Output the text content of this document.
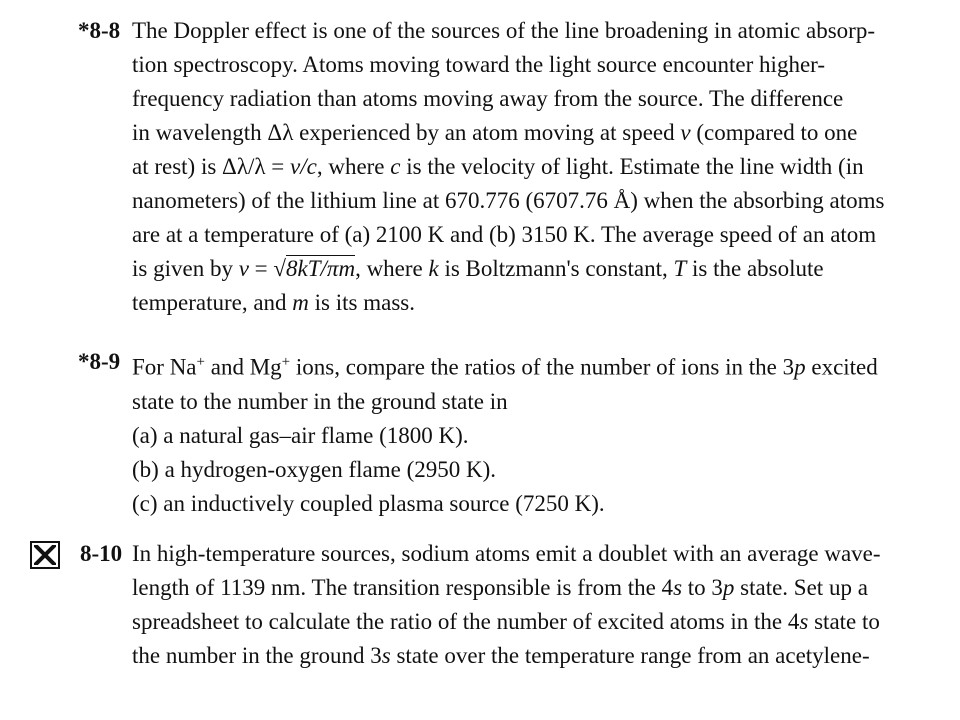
*8-8 The Doppler effect is one of the sources of the line broadening in atomic absorp-
tion spectroscopy. Atoms moving toward the light source encounter higher-
frequency radiation than atoms moving away from the source. The difference
in wavelength Δλ experienced by an atom moving at speed v (compared to one
at rest) is Δλ/λ = v/c, where c is the velocity of light. Estimate the line width (in
nanometers) of the lithium line at 670.776 (6707.76 Å) when the absorbing atoms
are at a temperature of (a) 2100 K and (b) 3150 K. The average speed of an atom
is given by v = √8kT/πm, where k is Boltzmann's constant, T is the absolute
temperature, and m is its mass.
*8-9 For Na+ and Mg+ ions, compare the ratios of the number of ions in the 3p excited
state to the number in the ground state in
(a) a natural gas–air flame (1800 K).
(b) a hydrogen-oxygen flame (2950 K).
(c) an inductively coupled plasma source (7250 K).
8-10 In high-temperature sources, sodium atoms emit a doublet with an average wave-
length of 1139 nm. The transition responsible is from the 4s to 3p state. Set up a
spreadsheet to calculate the ratio of the number of excited atoms in the 4s state to
the number in the ground 3s state over the temperature range from an acetylene-
